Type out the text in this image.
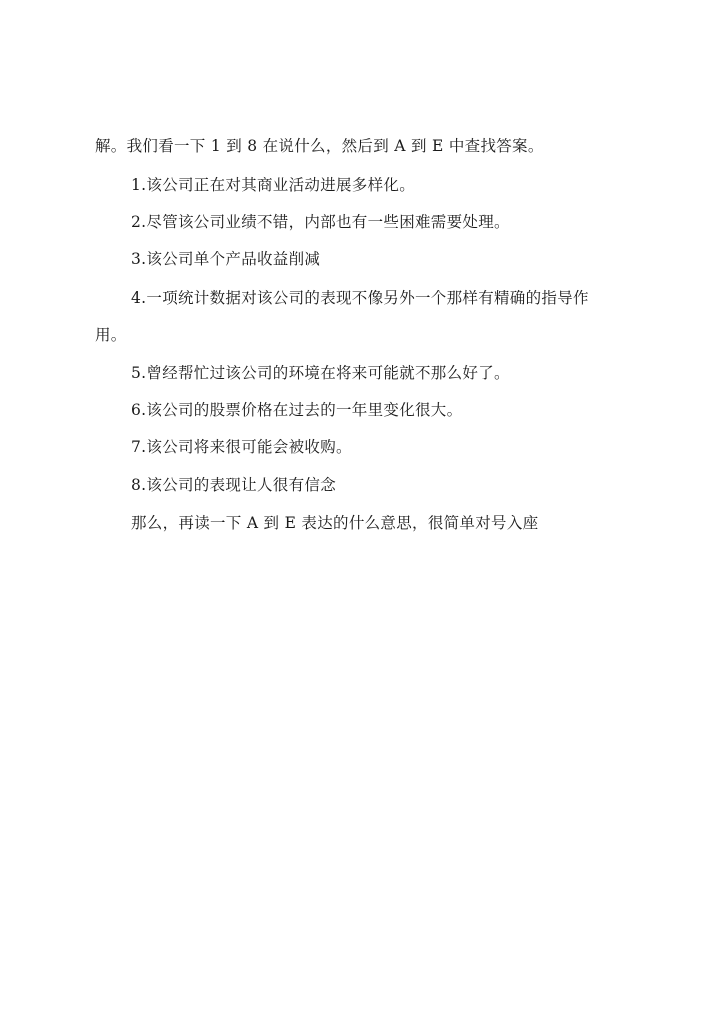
解。我们看一下 1 到 8 在说什么，然后到 A 到 E 中查找答案。
1.该公司正在对其商业活动进展多样化。
2.尽管该公司业绩不错，内部也有一些困难需要处理。
3.该公司单个产品收益削减
4.一项统计数据对该公司的表现不像另外一个那样有精确的指导作
用。
5.曾经帮忙过该公司的环境在将来可能就不那么好了。
6.该公司的股票价格在过去的一年里变化很大。
7.该公司将来很可能会被收购。
8.该公司的表现让人很有信念
那么，再读一下 A 到 E 表达的什么意思，很简单对号入座
